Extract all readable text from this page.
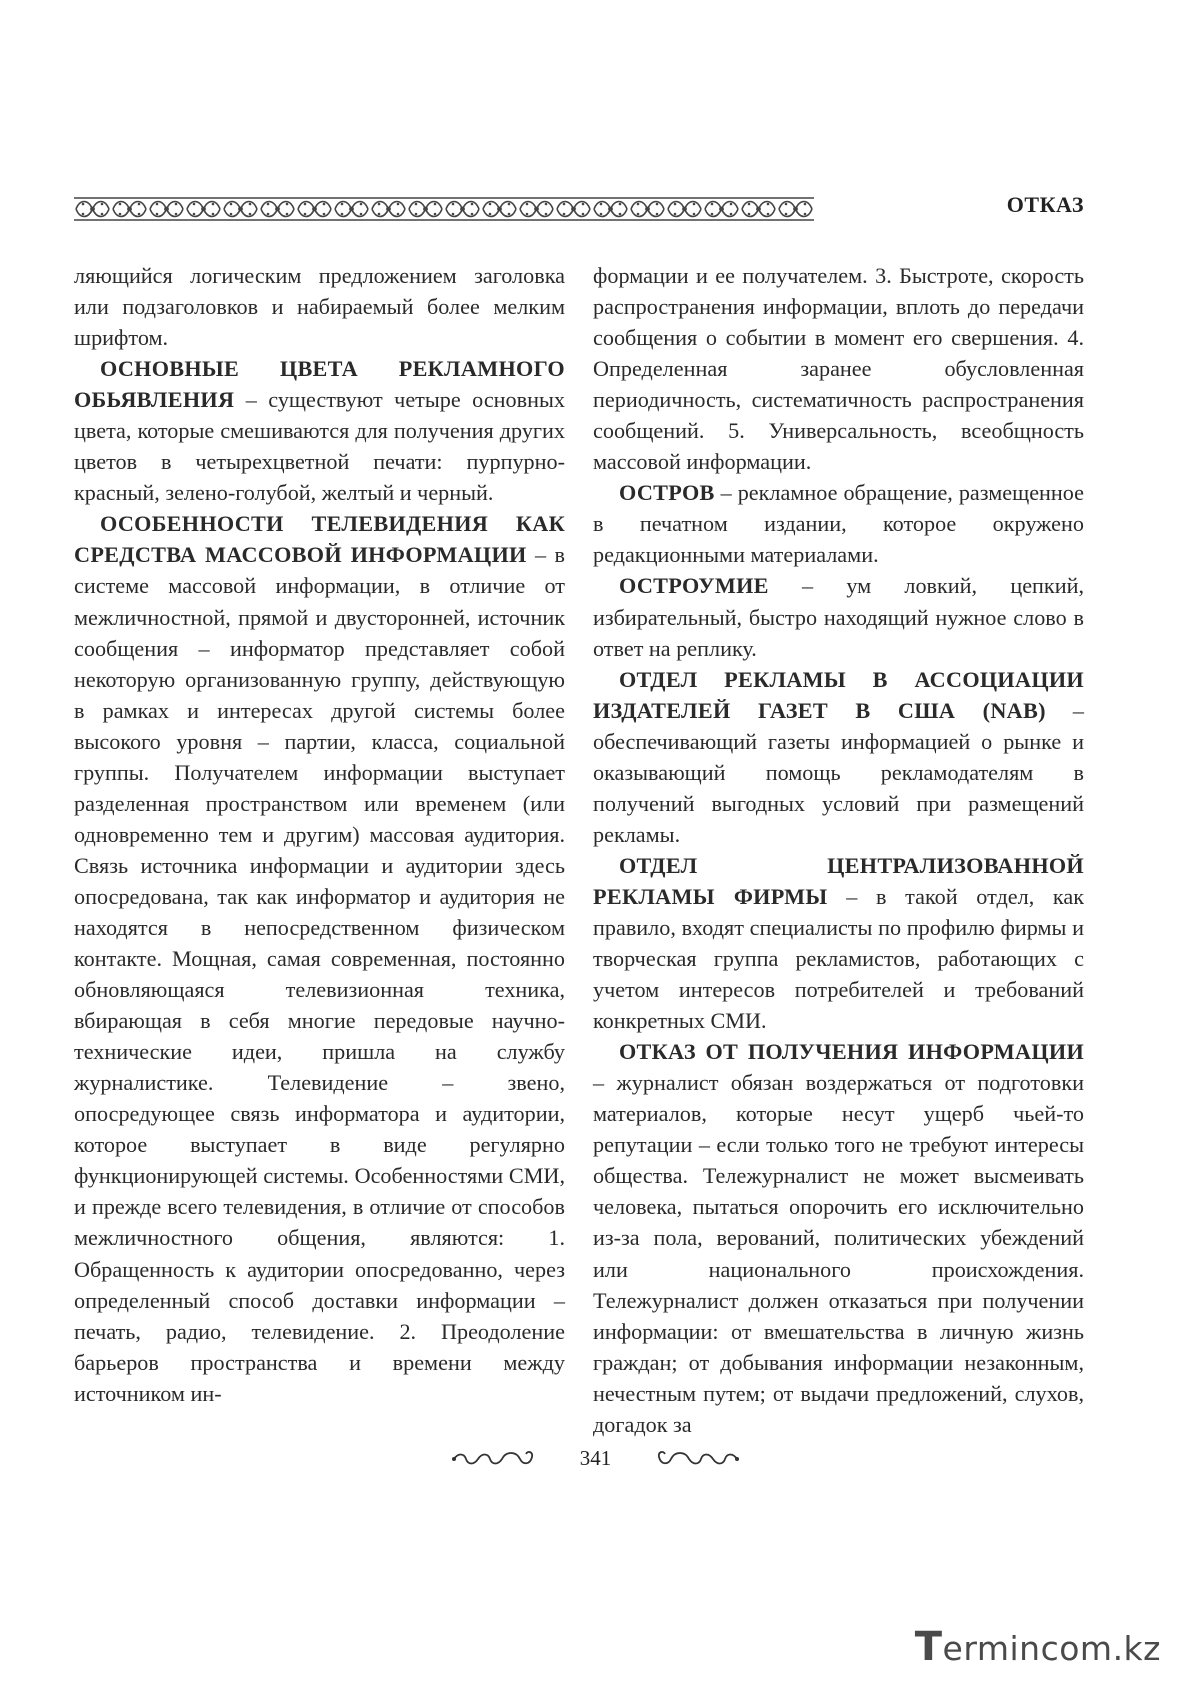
ОТКАЗ

ляющийся логическим предложением заголовка или подзаголовков и набираемый более мелким шрифтом.

ОСНОВНЫЕ ЦВЕТА РЕКЛАМНОГО ОБЬЯВЛЕНИЯ – существуют четыре основных цвета, которые смешиваются для получения других цветов в четырехцветной печати: пурпурно-красный, зелено-голубой, желтый и черный.

ОСОБЕННОСТИ ТЕЛЕВИДЕНИЯ КАК СРЕДСТВА МАССОВОЙ ИНФОРМАЦИИ – в системе массовой информации, в отличие от межличностной, прямой и двусторонней, источник сообщения – информатор представляет собой некоторую организованную группу, действующую в рамках и интересах другой системы более высокого уровня – партии, класса, социальной группы. Получателем информации выступает разделенная пространством или временем (или одновременно тем и другим) массовая аудитория. Связь источника информации и аудитории здесь опосредована, так как информатор и аудитория не находятся в непосредственном физическом контакте. Мощная, самая современная, постоянно обновляющаяся телевизионная техника, вбирающая в себя многие передовые научно-технические идеи, пришла на службу журналистике. Телевидение – звено, опосредующее связь информатора и аудитории, которое выступает в виде регулярно функционирующей системы. Особенностями СМИ, и прежде всего телевидения, в отличие от способов межличностного общения, являются: 1. Обращенность к аудитории опосредованно, через определенный способ доставки информации – печать, радио, телевидение. 2. Преодоление барьеров пространства и времени между источником ин-

формации и ее получателем. 3. Быстроте, скорость распространения информации, вплоть до передачи сообщения о событии в момент его свершения. 4. Определенная заранее обусловленная периодичность, систематичность распространения сообщений. 5. Универсальность, всеобщность массовой информации.

ОСТРОВ – рекламное обращение, размещенное в печатном издании, которое окружено редакционными материалами.

ОСТРОУМИЕ – ум ловкий, цепкий, избирательный, быстро находящий нужное слово в ответ на реплику.

ОТДЕЛ РЕКЛАМЫ В АССОЦИАЦИИ ИЗДАТЕЛЕЙ ГАЗЕТ В США (NAB) – обеспечивающий газеты информацией о рынке и оказывающий помощь рекламодателям в получений выгодных условий при размещений рекламы.

ОТДЕЛ ЦЕНТРАЛИЗОВАННОЙ РЕКЛАМЫ ФИРМЫ – в такой отдел, как правило, входят специалисты по профилю фирмы и творческая группа рекламистов, работающих с учетом интересов потребителей и требований конкретных СМИ.

ОТКАЗ ОТ ПОЛУЧЕНИЯ ИНФОРМАЦИИ – журналист обязан воздержаться от подготовки материалов, которые несут ущерб чьей-то репутации – если только того не требуют интересы общества. Тележурналист не может высмеивать человека, пытаться опорочить его исключительно из-за пола, верований, политических убеждений или национального происхождения. Тележурналист должен отказаться при получении информации: от вмешательства в личную жизнь граждан; от добывания информации незаконным, нечестным путем; от выдачи предложений, слухов, догадок за

341
Termincom.kz
